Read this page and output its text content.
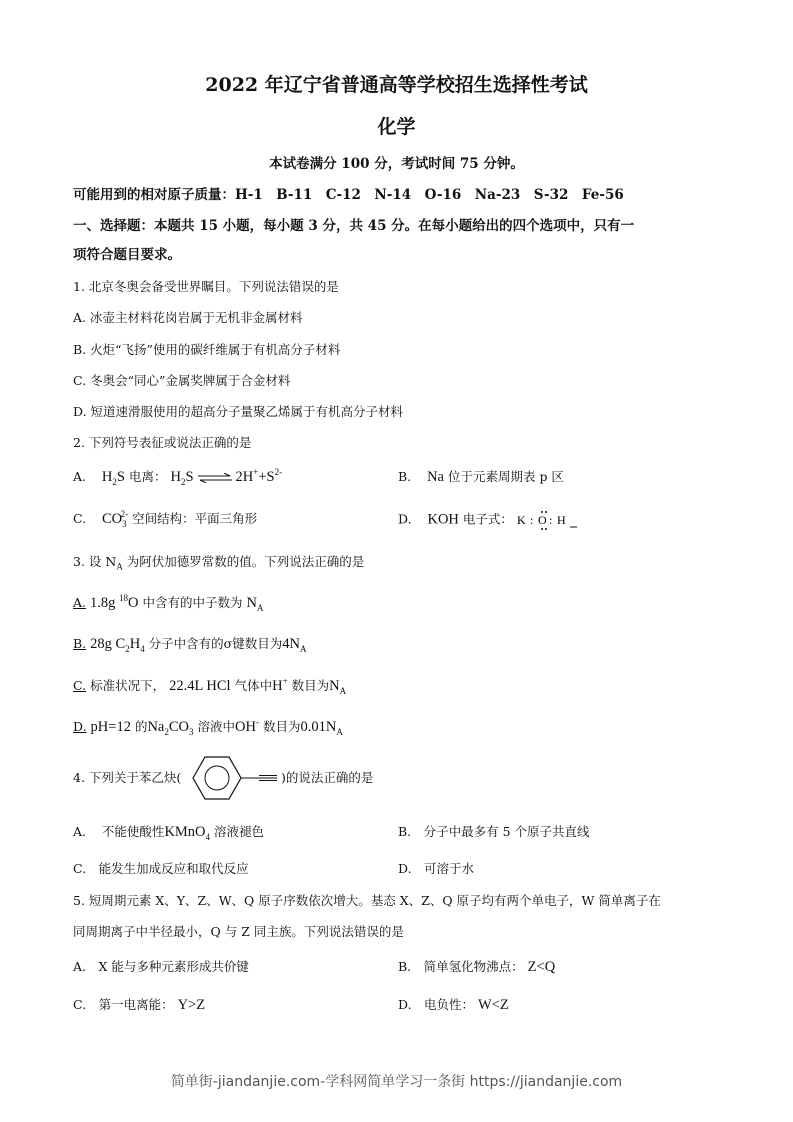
2022 年辽宁省普通高等学校招生选择性考试
化学
本试卷满分 100 分，考试时间 75 分钟。
可能用到的相对原子质量：H-1　B-11　C-12　N-14　O-16　Na-23　S-32　Fe-56
一、选择题：本题共 15 小题，每小题 3 分，共 45 分。在每小题给出的四个选项中，只有一
项符合题目要求。
1. 北京冬奥会备受世界瞩目。下列说法错误的是
A. 冰壶主材料花岗岩属于无机非金属材料
B. 火炬“飞扬”使用的碳纤维属于有机高分子材料
C. 冬奥会“同心”金属奖牌属于合金材料
D. 短道速滑服使用的超高分子量聚乙烯属于有机高分子材料
2. 下列符号表征或说法正确的是
A. $H_2S$ 电离： $H_2S$ ⇌ $2H^++S^{2-}$	B. Na 位于元素周期表 p 区
C. $CO_3^{2-}$ 空间结构：平面三角形	D. KOH 电子式： K : O : H
3. 设 $N_A$ 为阿伏加德罗常数的值。下列说法正确的是
A. 1.8g $^{18}$O 中含有的中子数为 $N_A$
B. 28g $C_2H_4$ 分子中含有的σ键数目为$4N_A$
C. 标准状况下， 22.4L HCl 气体中H+ 数目为$N_A$
D. pH=12 的$Na_2CO_3$ 溶液中OH- 数目为$0.01N_A$
4. 下列关于苯乙炔(	)的说法正确的是
A. 不能使酸性KMnO$_4$ 溶液褪色	B.　分子中最多有 5 个原子共直线
C.　能发生加成反应和取代反应	D.　可溶于水
5. 短周期元素 X、Y、Z、W、Q 原子序数依次增大。基态 X、Z、Q 原子均有两个单电子，W 简单离子在
同周期离子中半径最小，Q 与 Z 同主族。下列说法错误的是
A.　X 能与多种元素形成共价键	B.　简单氢化物沸点： Z<Q
C.　第一电离能： Y>Z	D.　电负性： W<Z
简单街-jiandanjie.com-学科网简单学习一条街 https://jiandanjie.com
